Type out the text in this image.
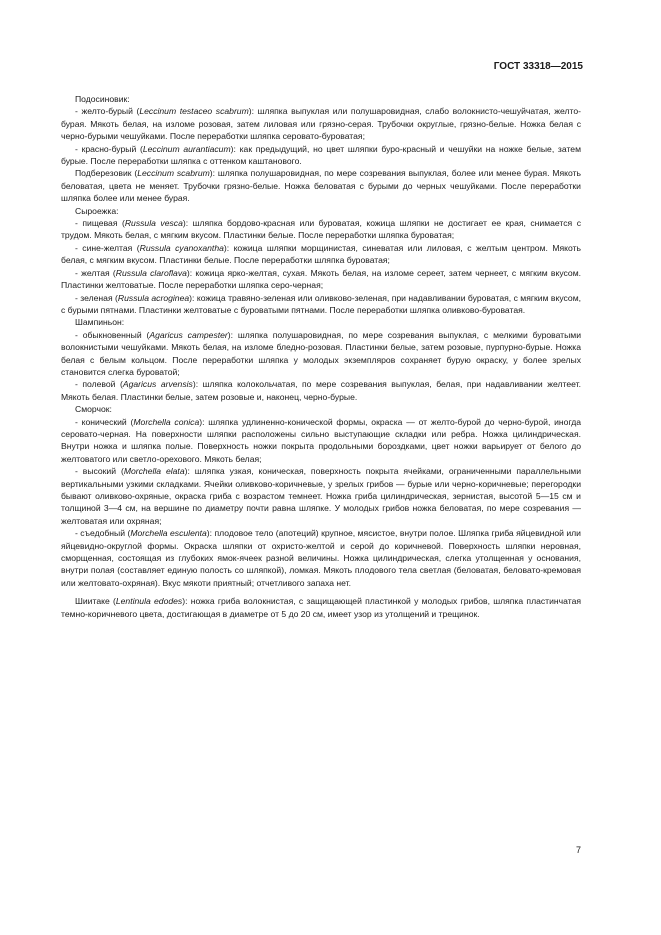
ГОСТ 33318—2015

Подосиновик:

- желто-бурый (Leccinum testaceo scabrum): шляпка выпуклая или полушаровидная, слабо волокнисто-чешуйчатая, желто-бурая. Мякоть белая, на изломе розовая, затем лиловая или грязно-серая. Трубочки округлые, грязно-белые. Ножка белая с черно-бурыми чешуйками. После переработки шляпка серовато-буроватая;

- красно-бурый (Leccinum aurantiacum): как предыдущий, но цвет шляпки буро-красный и чешуйки на ножке белые, затем бурые. После переработки шляпка с оттенком каштанового.

Подберезовик (Leccinum scabrum): шляпка полушаровидная, по мере созревания выпуклая, более или менее бурая. Мякоть беловатая, цвета не меняет. Трубочки грязно-белые. Ножка беловатая с бурыми до черных чешуйками. После переработки шляпка более или менее бурая.

Сыроежка:

- пищевая (Russula vesca): шляпка бордово-красная или буроватая, кожица шляпки не достигает ее края, снимается с трудом. Мякоть белая, с мягким вкусом. Пластинки белые. После переработки шляпка буроватая;

- сине-желтая (Russula cyanoxantha): кожица шляпки морщинистая, синеватая или лиловая, с желтым центром. Мякоть белая, с мягким вкусом. Пластинки белые. После переработки шляпка буроватая;

- желтая (Russula claroflava): кожица ярко-желтая, сухая. Мякоть белая, на изломе сереет, затем чернеет, с мягким вкусом. Пластинки желтоватые. После переработки шляпка серо-черная;

- зеленая (Russula acroginea): кожица травяно-зеленая или оливково-зеленая, при надавливании буроватая, с мягким вкусом, с бурыми пятнами. Пластинки желтоватые с буроватыми пятнами. После переработки шляпка оливково-буроватая.

Шампиньон:

- обыкновенный (Agaricus campester): шляпка полушаровидная, по мере созревания выпуклая, с мелкими буроватыми волокнистыми чешуйками. Мякоть белая, на изломе бледно-розовая. Пластинки белые, затем розовые, пурпурно-бурые. Ножка белая с белым кольцом. После переработки шляпка у молодых экземпляров сохраняет бурую окраску, у более зрелых становится слегка буроватой;

- полевой (Agaricus arvensis): шляпка колокольчатая, по мере созревания выпуклая, белая, при надавливании желтеет. Мякоть белая. Пластинки белые, затем розовые и, наконец, черно-бурые.

Сморчок:

- конический (Morchella conica): шляпка удлиненно-конической формы, окраска — от желто-бурой до черно-бурой, иногда серовато-черная. На поверхности шляпки расположены сильно выступающие складки или ребра. Ножка цилиндрическая. Внутри ножка и шляпка полые. Поверхность ножки покрыта продольными бороздками, цвет ножки варьирует от белого до желтоватого или светло-орехового. Мякоть белая;

- высокий (Morchella elata): шляпка узкая, коническая, поверхность покрыта ячейками, ограниченными параллельными вертикальными узкими складками. Ячейки оливково-коричневые, у зрелых грибов — бурые или черно-коричневые; перегородки бывают оливково-охряные, окраска гриба с возрастом темнеет. Ножка гриба цилиндрическая, зернистая, высотой 5—15 см и толщиной 3—4 см, на вершине по диаметру почти равна шляпке. У молодых грибов ножка беловатая, по мере созревания — желтоватая или охряная;

- съедобный (Morchella esculenta): плодовое тело (апотеций) крупное, мясистое, внутри полое. Шляпка гриба яйцевидной или яйцевидно-округлой формы. Окраска шляпки от охристо-желтой и серой до коричневой. Поверхность шляпки неровная, сморщенная, состоящая из глубоких ямок-ячеек разной величины. Ножка цилиндрическая, слегка утолщенная у основания, внутри полая (составляет единую полость со шляпкой), ломкая. Мякоть плодового тела светлая (беловатая, беловато-кремовая или желтовато-охряная). Вкус мякоти приятный; отчетливого запаха нет.

Шиитаке (Lentinula edodes): ножка гриба волокнистая, с защищающей пластинкой у молодых грибов, шляпка пластинчатая темно-коричневого цвета, достигающая в диаметре от 5 до 20 см, имеет узор из утолщений и трещинок.

7
